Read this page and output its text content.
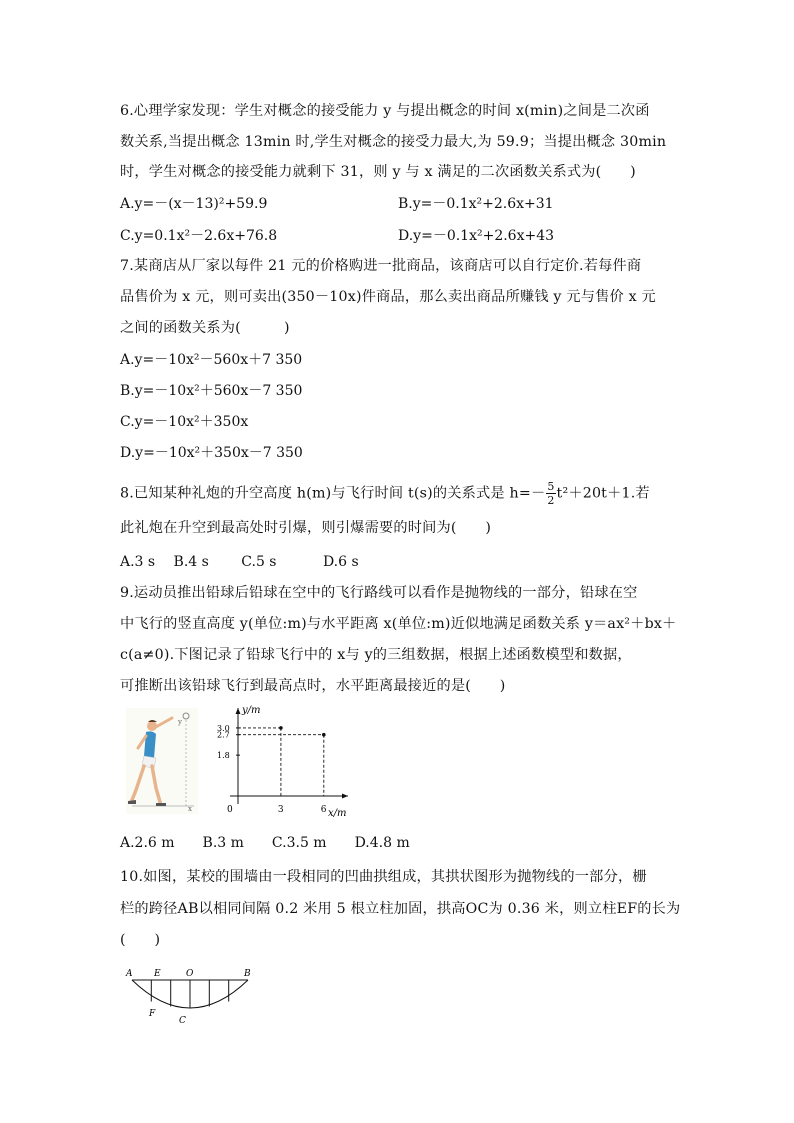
6.心理学家发现：学生对概念的接受能力 y 与提出概念的时间 x(min)之间是二次函
数关系,当提出概念 13min 时,学生对概念的接受力最大,为 59.9；当提出概念 30min
时，学生对概念的接受能力就剩下 31，则 y 与 x 满足的二次函数关系式为(　　)
A.y=－(x－13)²+59.9	B.y=－0.1x²+2.6x+31
C.y=0.1x²－2.6x+76.8	D.y=－0.1x²+2.6x+43
7.某商店从厂家以每件 21 元的价格购进一批商品，该商店可以自行定价.若每件商
品售价为 x 元，则可卖出(350－10x)件商品，那么卖出商品所赚钱 y 元与售价 x 元
之间的函数关系为(　　　)
A.y=－10x²－560x＋7 350
B.y=－10x²＋560x－7 350
C.y=－10x²＋350x
D.y=－10x²＋350x－7 350
8.已知某种礼炮的升空高度 h(m)与飞行时间 t(s)的关系式是 $h=- \frac{5}{2} t^2+20t+1$.若
此礼炮在升空到最高处时引爆，则引爆需要的时间为(　　)
A.3 s　 B.4 s　　 C.5 s　　　 D.6 s
9.运动员推出铅球后铅球在空中的飞行路线可以看作是抛物线的一部分，铅球在空
中飞行的竖直高度 y(单位:m)与水平距离 x(单位:m)近似地满足函数关系 y＝ax²＋bx＋
c(a≠0).下图记录了铅球飞行中的 x与 y的三组数据，根据上述函数模型和数据，
可推断出该铅球飞行到最高点时，水平距离最接近的是(　　)
y
x
y/m
x/m
0
3.0
2.7
1.8
3	6
A.2.6 m　　B.3 m　　C.3.5 m　　D.4.8 m
10.如图，某校的围墙由一段相同的凹曲拱组成，其拱状图形为抛物线的一部分，栅
栏的跨径AB以相同间隔 0.2 米用 5 根立柱加固，拱高OC为 0.36 米，则立柱EF的长为
(　　)
A E	O	B
F
C
